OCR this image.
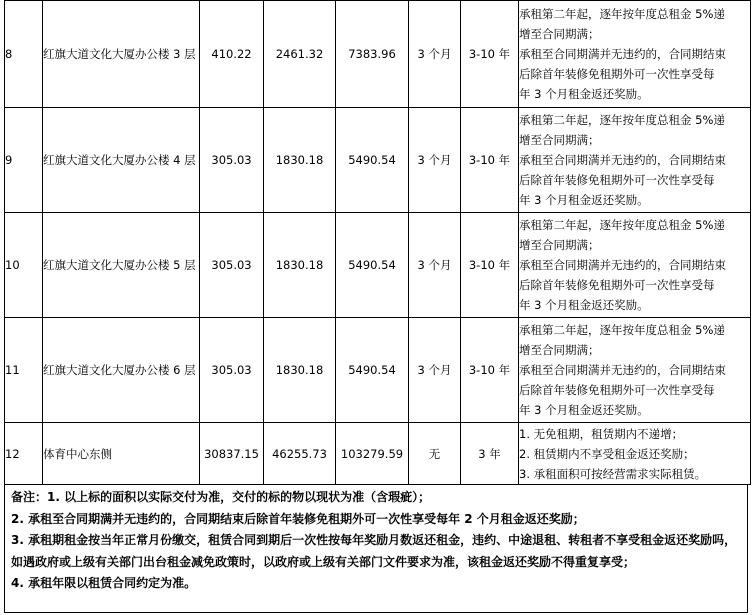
8	红旗大道文化大厦办公楼 3 层	410.22	2461.32	7383.96	3 个月	3-10 年	承租第二年起，逐年按年度总租金 5%递
增至合同期满；
承租至合同期满并无违约的，合同期结束
后除首年装修免租期外可一次性享受每
年 3 个月租金返还奖励。

9	红旗大道文化大厦办公楼 4 层	305.03	1830.18	5490.54	3 个月	3-10 年	承租第二年起，逐年按年度总租金 5%递
增至合同期满；
承租至合同期满并无违约的，合同期结束
后除首年装修免租期外可一次性享受每
年 3 个月租金返还奖励。

10	红旗大道文化大厦办公楼 5 层	305.03	1830.18	5490.54	3 个月	3-10 年	承租第二年起，逐年按年度总租金 5%递
增至合同期满；
承租至合同期满并无违约的，合同期结束
后除首年装修免租期外可一次性享受每
年 3 个月租金返还奖励。

11	红旗大道文化大厦办公楼 6 层	305.03	1830.18	5490.54	3 个月	3-10 年	承租第二年起，逐年按年度总租金 5%递
增至合同期满；
承租至合同期满并无违约的，合同期结束
后除首年装修免租期外可一次性享受每
年 3 个月租金返还奖励。

12	体育中心东侧	30837.15	46255.73	103279.59	无	3 年	1. 无免租期，租赁期内不递增；
2. 租赁期内不享受租金返还奖励；
3. 承租面积可按经营需求实际租赁。

备注：1. 以上标的面积以实际交付为准，交付的标的物以现状为准（含瑕疵）；

2. 承租至合同期满并无违约的，合同期结束后除首年装修免租期外可一次性享受每年 2 个月租金返还奖励；

3. 承租期租金按当年正常月份缴交，租赁合同到期后一次性按每年奖励月数返还租金，违约、中途退租、转租者不享受租金返还奖励吗，如遇政府或上级有关部门出台租金减免政策时，以政府或上级有关部门文件要求为准，该租金返还奖励不得重复享受；

4. 承租年限以租赁合同约定为准。
